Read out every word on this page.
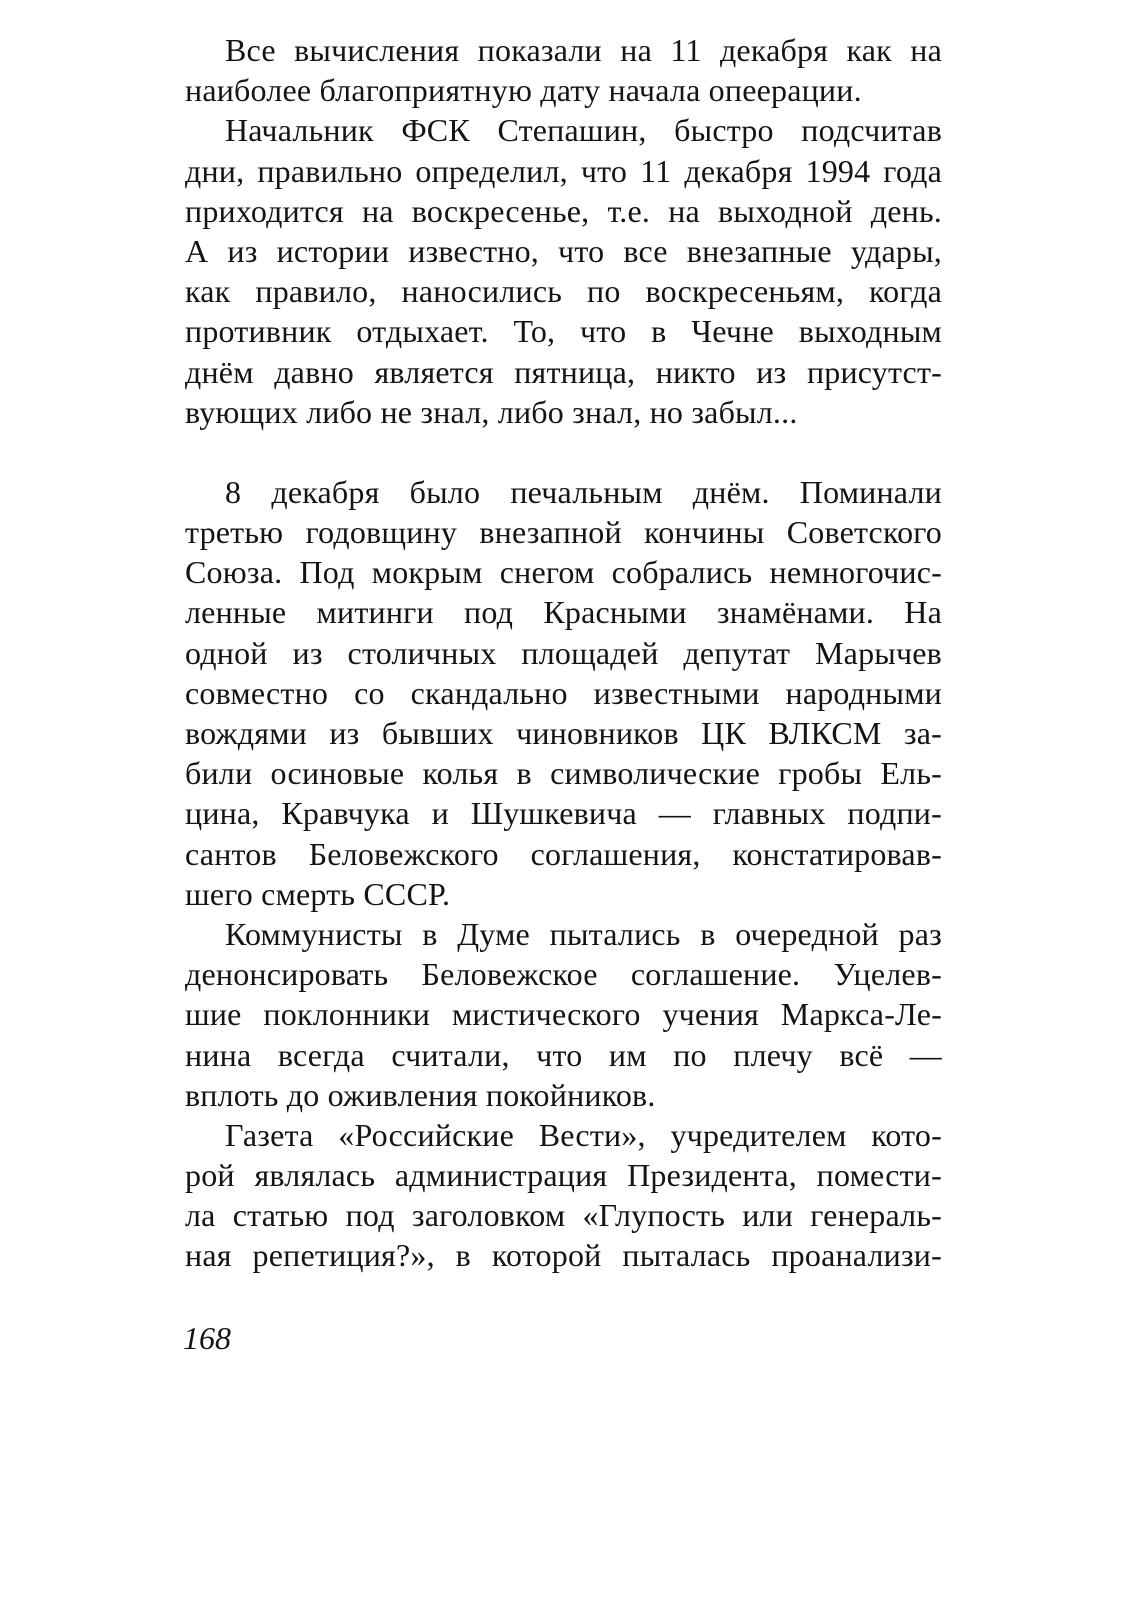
Все вычисления показали на 11 декабря как на
наиболее благоприятную дату начала опеерации.
Начальник ФСК Степашин, быстро подсчитав
дни, правильно определил, что 11 декабря 1994 года
приходится на воскресенье, т.е. на выходной день.
А из истории известно, что все внезапные удары,
как правило, наносились по воскресеньям, когда
противник отдыхает. То, что в Чечне выходным
днём давно является пятница, никто из присутст-
вующих либо не знал, либо знал, но забыл...
8 декабря было печальным днём. Поминали
третью годовщину внезапной кончины Советского
Союза. Под мокрым снегом собрались немногочис-
ленные митинги под Красными знамёнами. На
одной из столичных площадей депутат Марычев
совместно со скандально известными народными
вождями из бывших чиновников ЦК ВЛКСМ за-
били осиновые колья в символические гробы Ель-
цина, Кравчука и Шушкевича — главных подпи-
сантов Беловежского соглашения, констатировав-
шего смерть СССР.
Коммунисты в Думе пытались в очередной раз
денонсировать Беловежское соглашение. Уцелев-
шие поклонники мистического учения Маркса-Ле-
нина всегда считали, что им по плечу всё —
вплоть до оживления покойников.
Газета «Российские Вести», учредителем кото-
рой являлась администрация Президента, помести-
ла статью под заголовком «Глупость или генераль-
ная репетиция?», в которой пыталась проанализи-
168
